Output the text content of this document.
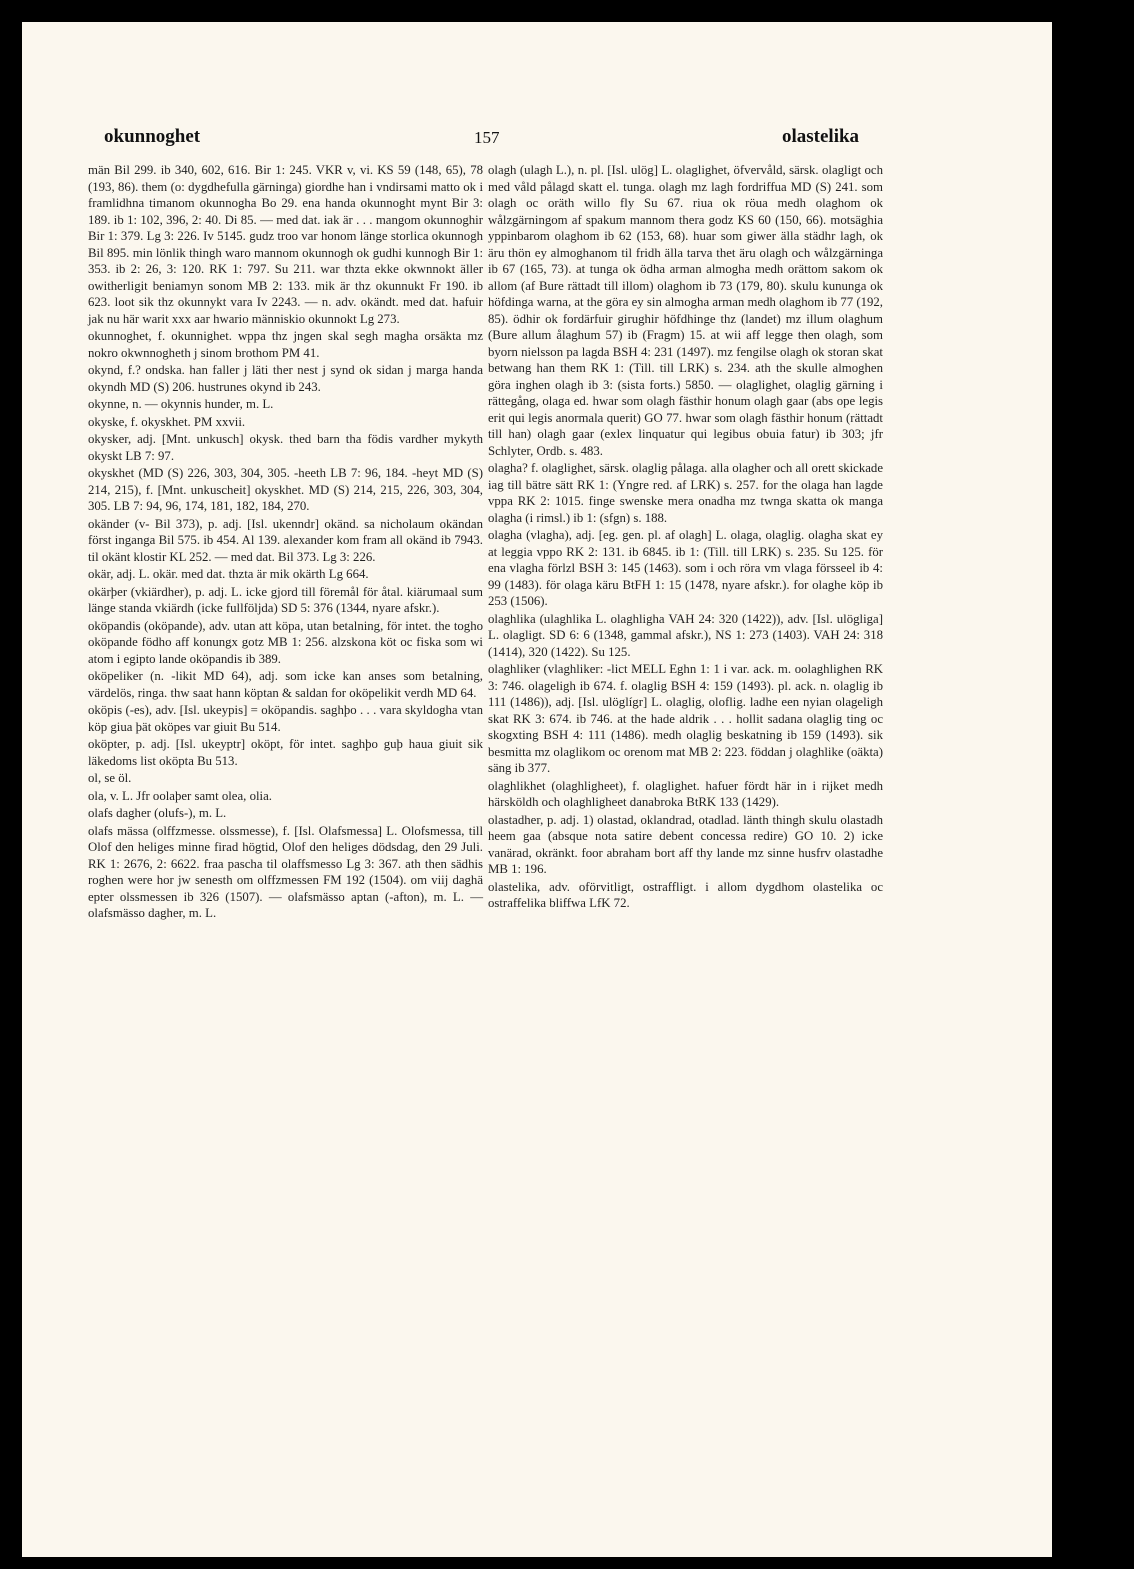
okunnoghet	157	olastelika

män Bil 299. ib 340, 602, 616. Bir 1: 245. VKR v, vi. KS 59 (148, 65), 78 (193, 86). them (o: dygdhefulla gärninga) giordhe han i vndirsami matto ok i framlidhna timanom okunnogha Bo 29. ena handa okunnoght mynt Bir 3: 189. ib 1: 102, 396, 2: 40. Di 85. — med dat. iak är . . . mangom okunnoghir Bir 1: 379. Lg 3: 226. Iv 5145. gudz troo var honom länge storlica okunnogh Bil 895. min lönlik thingh waro mannom okunnogh ok gudhi kunnogh Bir 1: 353. ib 2: 26, 3: 120. RK 1: 797. Su 211. war thzta ekke okwnnokt äller owitherligit beniamyn sonom MB 2: 133. mik är thz okunnukt Fr 190. ib 623. loot sik thz okunnykt vara Iv 2243. — n. adv. okändt. med dat. hafuir jak nu här warit xxx aar hwario människio okunnokt Lg 273.

okunnoghet, f. okunnighet. wppa thz jngen skal segh magha orsäkta mz nokro okwnnogheth j sinom brothom PM 41.

okynd, f.? ondska. han faller j läti ther nest j synd ok sidan j marga handa okyndh MD (S) 206. hustrunes okynd ib 243.

okynne, n. — okynnis hunder, m. L.

okyske, f. okyskhet. PM xxvii.

okysker, adj. [Mnt. unkusch] okysk. thed barn tha födis vardher mykyth okyskt LB 7: 97.

okyskhet (MD (S) 226, 303, 304, 305. -heeth LB 7: 96, 184. -heyt MD (S) 214, 215), f. [Mnt. unkuscheit] okyskhet. MD (S) 214, 215, 226, 303, 304, 305. LB 7: 94, 96, 174, 181, 182, 184, 270.

okänder (v- Bil 373), p. adj. [Isl. ukenndr] okänd. sa nicholaum okändan först inganga Bil 575. ib 454. Al 139. alexander kom fram all okänd ib 7943. til okänt klostir KL 252. — med dat. Bil 373. Lg 3: 226.

okär, adj. L. okär. med dat. thzta är mik okärth Lg 664.

okärþer (vkiärdher), p. adj. L. icke gjord till föremål för åtal. kiärumaal sum länge standa vkiärdh (icke fullföljda) SD 5: 376 (1344, nyare afskr.).

oköpandis (oköpande), adv. utan att köpa, utan betalning, för intet. the togho oköpande födho aff konungx gotz MB 1: 256. alzskona köt oc fiska som wi atom i egipto lande oköpandis ib 389.

oköpeliker (n. -likit MD 64), adj. som icke kan anses som betalning, värdelös, ringa. thw saat hann köptan & saldan for oköpelikit verdh MD 64.

oköpis (-es), adv. [Isl. ukeypis] = oköpandis. saghþo . . . vara skyldogha vtan köp giua þät oköpes var giuit Bu 514.

oköpter, p. adj. [Isl. ukeyptr] oköpt, för intet. saghþo guþ haua giuit sik läkedoms list oköpta Bu 513.

ol, se öl.

ola, v. L. Jfr oolaþer samt olea, olia.

olafs dagher (olufs-), m. L.

olafs mässa (olffzmesse. olssmesse), f. [Isl. Olafsmessa] L. Olofsmessa, till Olof den heliges minne firad högtid, Olof den heliges dödsdag, den 29 Juli. RK 1: 2676, 2: 6622. fraa pascha til olaffsmesso Lg 3: 367. ath then sädhis roghen were hor jw senesth om olffzmessen FM 192 (1504). om viij daghä epter olssmessen ib 326 (1507). — olafsmässo aptan (-afton), m. L. — olafsmässo dagher, m. L.

olagh (ulagh L.), n. pl. [Isl. ulög] L. olaglighet, öfvervåld, särsk. olagligt och med våld pålagd skatt el. tunga. olagh mz lagh fordriffua MD (S) 241. som olagh oc oräth willo fly Su 67. riua ok röua medh olaghom ok wålzgärningom af spakum mannom thera godz KS 60 (150, 66). motsäghia yppinbarom olaghom ib 62 (153, 68). huar som giwer älla städhr lagh, ok äru thön ey almoghanom til fridh älla tarva thet äru olagh och wålzgärninga ib 67 (165, 73). at tunga ok ödha arman almogha medh orättom sakom ok allom (af Bure rättadt till illom) olaghom ib 73 (179, 80). skulu kununga ok höfdinga warna, at the göra ey sin almogha arman medh olaghom ib 77 (192, 85). ödhir ok fordärfuir girughir höfdhinge thz (landet) mz illum olaghum (Bure allum ålaghum 57) ib (Fragm) 15. at wii aff legge then olagh, som byorn nielsson pa lagda BSH 4: 231 (1497). mz fengilse olagh ok storan skat betwang han them RK 1: (Till. till LRK) s. 234. ath the skulle almoghen göra inghen olagh ib 3: (sista forts.) 5850. — olaglighet, olaglig gärning i rättegång, olaga ed. hwar som olagh fästhir honum olagh gaar (abs ope legis erit qui legis anormala querit) GO 77. hwar som olagh fästhir honum (rättadt till han) olagh gaar (exlex linquatur qui legibus obuia fatur) ib 303; jfr Schlyter, Ordb. s. 483.

olagha? f. olaglighet, särsk. olaglig pålaga. alla olagher och all orett skickade iag till bätre sätt RK 1: (Yngre red. af LRK) s. 257. for the olaga han lagde vppa RK 2: 1015. finge swenske mera onadha mz twnga skatta ok manga olagha (i rimsl.) ib 1: (sfgn) s. 188.

olagha (vlagha), adj. [eg. gen. pl. af olagh] L. olaga, olaglig. olagha skat ey at leggia vppo RK 2: 131. ib 6845. ib 1: (Till. till LRK) s. 235. Su 125. för ena vlagha förlzl BSH 3: 145 (1463). som i och röra vm vlaga försseel ib 4: 99 (1483). för olaga käru BtFH 1: 15 (1478, nyare afskr.). for olaghe köp ib 253 (1506).

olaghlika (ulaghlika L. olaghligha VAH 24: 320 (1422)), adv. [Isl. ulögliga] L. olagligt. SD 6: 6 (1348, gammal afskr.), NS 1: 273 (1403). VAH 24: 318 (1414), 320 (1422). Su 125.

olaghliker (vlaghliker: -lict MELL Eghn 1: 1 i var. ack. m. oolaghlighen RK 3: 746. olageligh ib 674. f. olaglig BSH 4: 159 (1493). pl. ack. n. olaglig ib 111 (1486)), adj. [Isl. ulöglígr] L. olaglig, oloflig. ladhe een nyian olageligh skat RK 3: 674. ib 746. at the hade aldrik . . . hollit sadana olaglig ting oc skogxting BSH 4: 111 (1486). medh olaglig beskatning ib 159 (1493). sik besmitta mz olaglikom oc orenom mat MB 2: 223. föddan j olaghlike (oäkta) säng ib 377.

olaghlikhet (olaghligheet), f. olaglighet. hafuer fördt här in i rijket medh härsköldh och olaghligheet danabroka BtRK 133 (1429).

olastadher, p. adj. 1) olastad, oklandrad, otadlad. länth thingh skulu olastadh heem gaa (absque nota satire debent concessa redire) GO 10. 2) icke vanärad, okränkt. foor abraham bort aff thy lande mz sinne husfrv olastadhe MB 1: 196.

olastelika, adv. oförvitligt, ostraffligt. i allom dygdhom olastelika oc ostraffelika bliffwa LfK 72.
